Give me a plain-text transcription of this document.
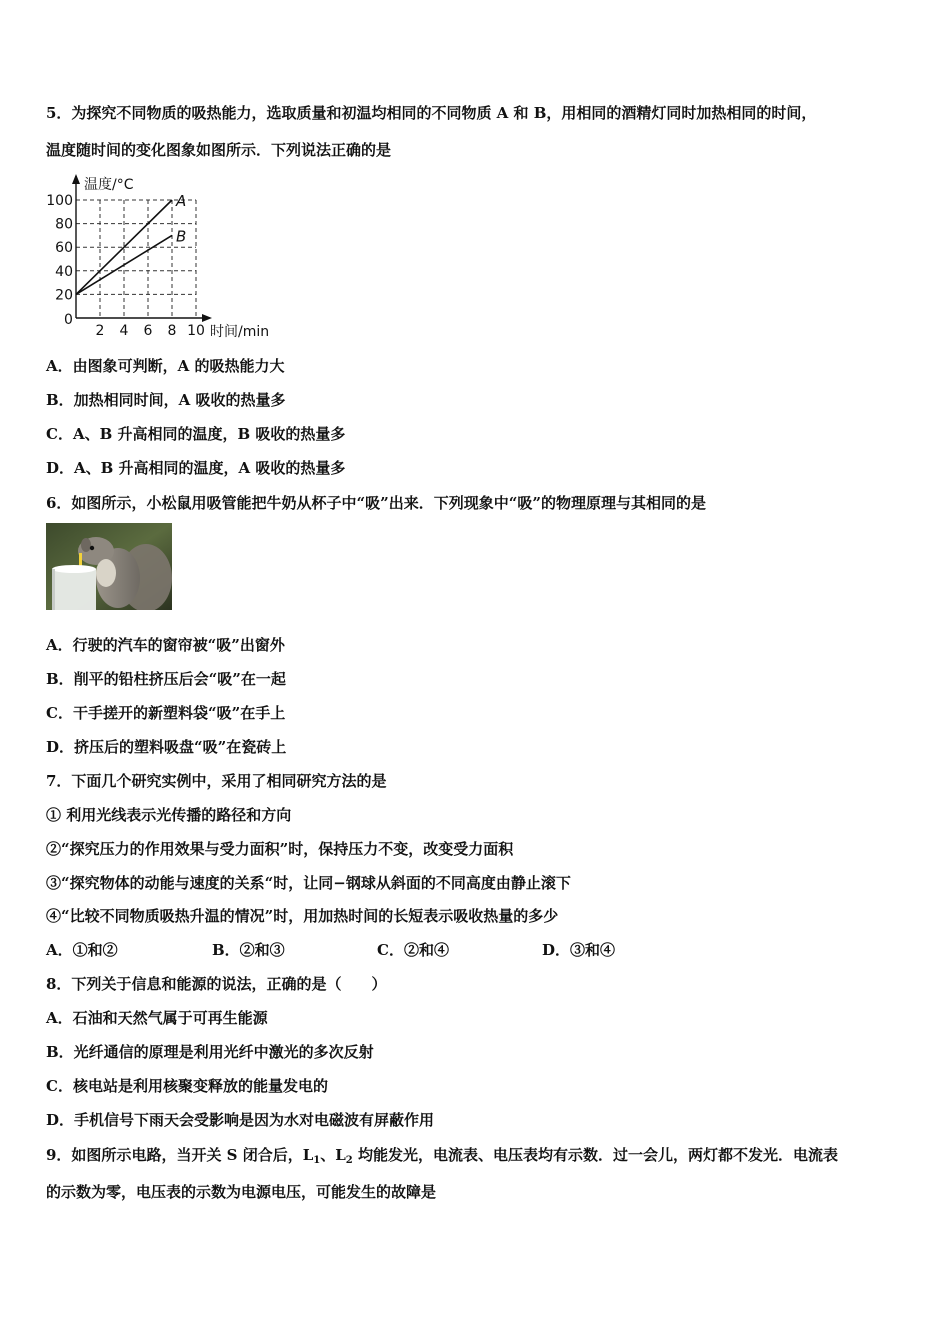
5．为探究不同物质的吸热能力，选取质量和初温均相同的不同物质 A 和 B，用相同的酒精灯同时加热相同的时间，
温度随时间的变化图象如图所示．下列说法正确的是
2 4 6 8 10
20
40
60
80
100	A
B
温度/°C
时间/min
0
A．由图象可判断，A 的吸热能力大
B．加热相同时间，A 吸收的热量多
C．A、B 升高相同的温度，B 吸收的热量多
D．A、B 升高相同的温度，A 吸收的热量多
6．如图所示，小松鼠用吸管能把牛奶从杯子中“吸”出来．下列现象中“吸”的物理原理与其相同的是
A．行驶的汽车的窗帘被“吸”出窗外
B．削平的铅柱挤压后会“吸”在一起
C．干手搓开的新塑料袋“吸”在手上
D．挤压后的塑料吸盘“吸”在瓷砖上
7．下面几个研究实例中，采用了相同研究方法的是
① 利用光线表示光传播的路径和方向
②“探究压力的作用效果与受力面积”时，保持压力不变，改变受力面积
③“探究物体的动能与速度的关系“时，让同−钢球从斜面的不同高度由静止滚下
④“比较不同物质吸热升温的情况”时，用加热时间的长短表示吸收热量的多少
A．①和②	B．②和③	C．②和④	D．③和④
8．下列关于信息和能源的说法，正确的是（　　）
A．石油和天然气属于可再生能源
B．光纤通信的原理是利用光纤中激光的多次反射
C．核电站是利用核聚变释放的能量发电的
D．手机信号下雨天会受影响是因为水对电磁波有屏蔽作用
9．如图所示电路，当开关 S 闭合后，$L_1$、$L_2$ 均能发光，电流表、电压表均有示数．过一会儿，两灯都不发光．电流表
的示数为零，电压表的示数为电源电压，可能发生的故障是
